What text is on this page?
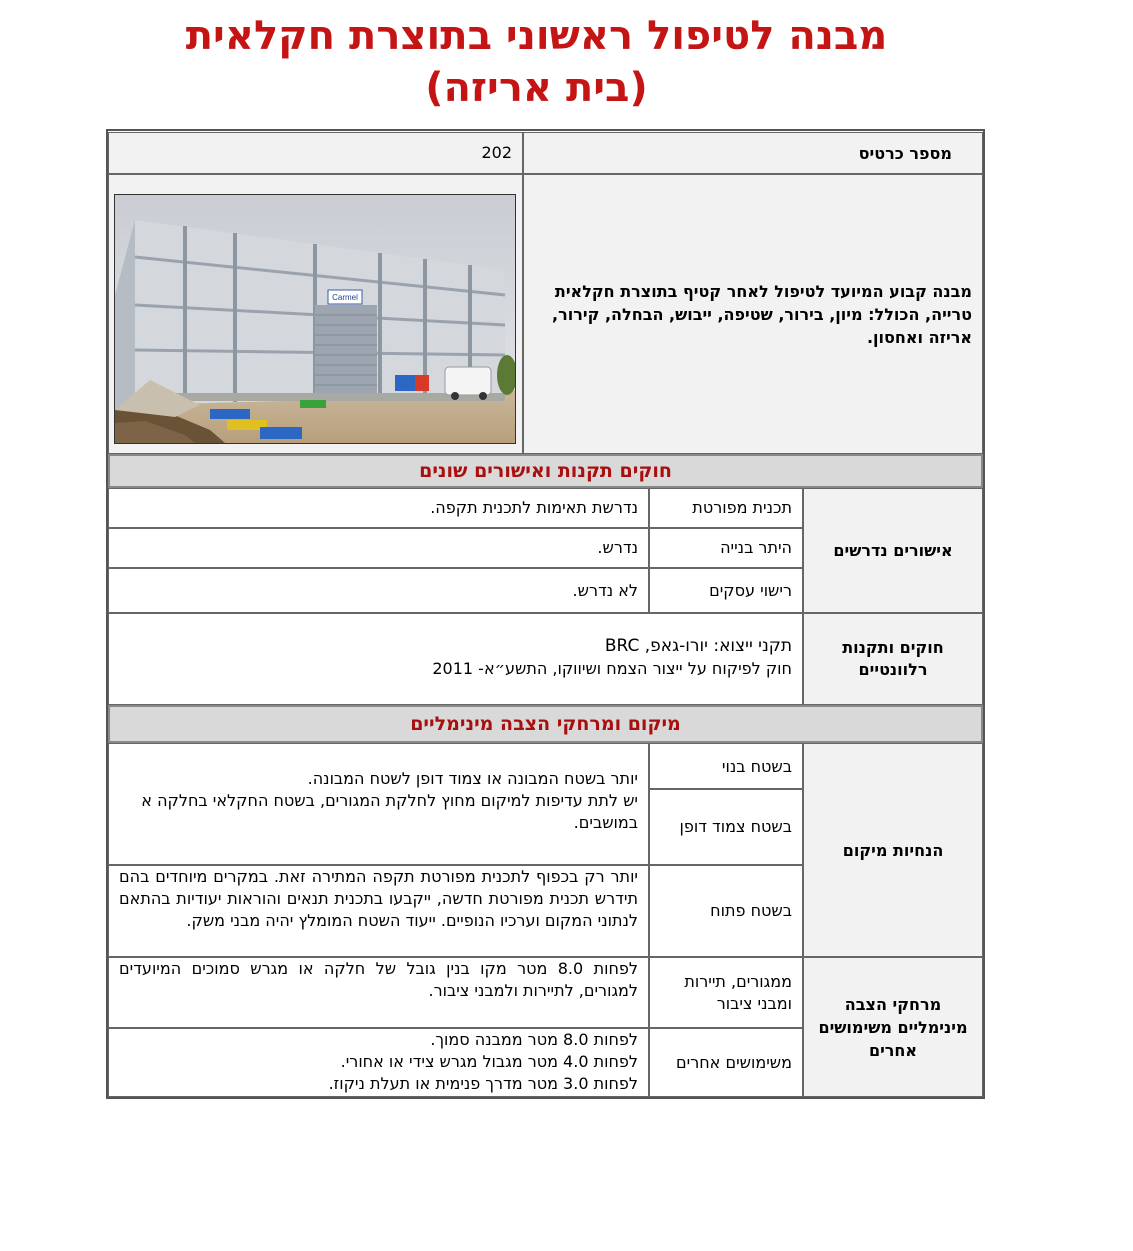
מבנה לטיפול ראשוני בתוצרת חקלאית
(בית אריזה)
מספר כרטיס
202
מבנה קבוע המיועד לטיפול לאחר קטיף בתוצרת חקלאית טרייה, הכולל: מיון, בירור, שטיפה, ייבוש, הבחלה, קירור, אריזה ואחסון.
Carmel
חוקים תקנות ואישורים שונים
אישורים נדרשים
תכנית מפורטת
נדרשת תאימות לתכנית תקפה.
היתר בנייה
נדרש.
רישוי עסקים
לא נדרש.
חוקים ותקנות רלוונטיים
תקני ייצוא: יורו-גאפ, BRC
חוק לפיקוח על ייצור הצמח ושיווקו, התשע״א- 2011
מיקום ומרחקי הצבה מינימליים
הנחיות מיקום
בשטח בנוי
בשטח צמוד דופן
יותר בשטח המבונה או צמוד דופן לשטח המבונה.
יש לתת עדיפות למיקום מחוץ לחלקת המגורים, בשטח החקלאי בחלקה א במושבים.
בשטח פתוח
יותר רק בכפוף לתכנית מפורטת תקפה המתירה זאת. במקרים מיוחדים בהם תידרש תכנית מפורטת חדשה, ייקבעו בתכנית תנאים והוראות יעודיות בהתאם לנתוני המקום וערכיו הנופיים. ייעוד השטח המומלץ יהיה מבני משק.
מרחקי הצבה מינימליים משימושים אחרים
ממגורים, תיירות ומבני ציבור
לפחות 8.0 מטר מקו בנין גובל של חלקה או מגרש סמוכים המיועדים למגורים, לתיירות ולמבני ציבור.
משימושים אחרים
לפחות 8.0 מטר ממבנה סמוך.
לפחות 4.0 מטר מגבול מגרש צידי או אחורי.
לפחות 3.0 מטר מדרך פנימית או תעלת ניקוז.
